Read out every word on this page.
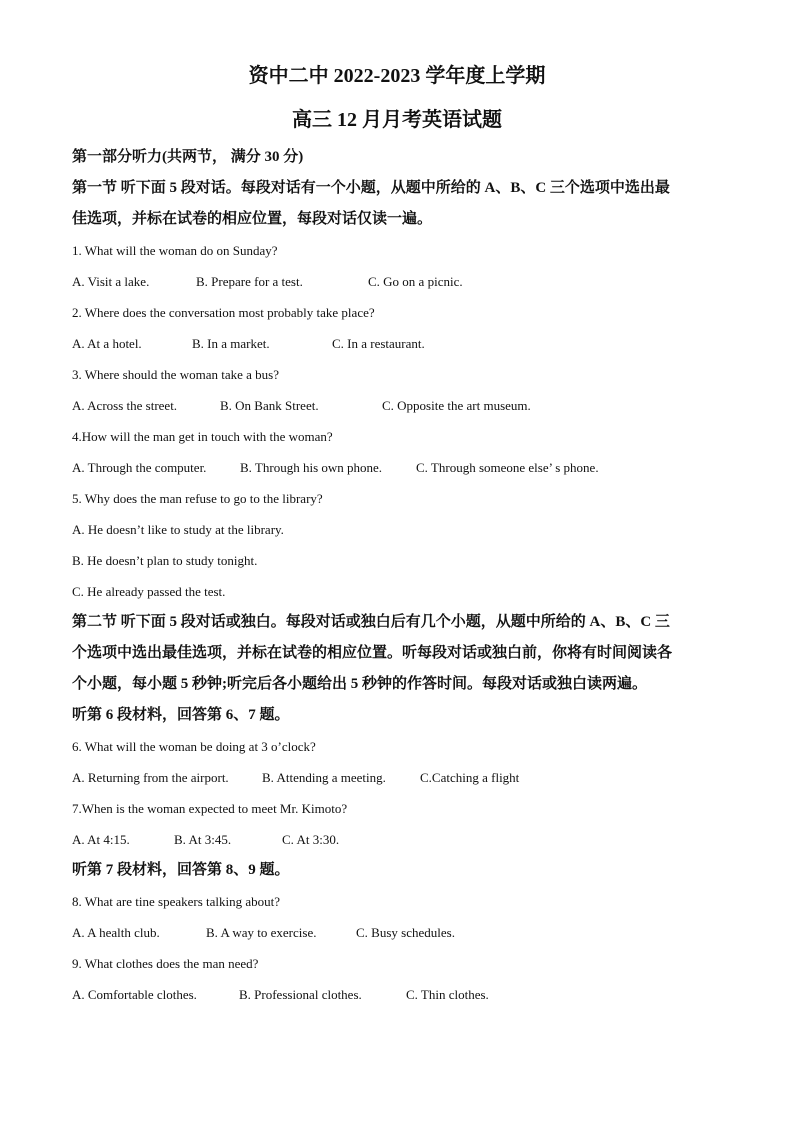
资中二中 2022-2023 学年度上学期

高三 12 月月考英语试题

第一部分听力(共两节， 满分 30 分)

第一节 听下面 5 段对话。每段对话有一个小题，从题中所给的 A、B、C 三个选项中选出最

佳选项，并标在试卷的相应位置，每段对话仅读一遍。

1. What will the woman do on Sunday?

A. Visit a lake.	B. Prepare for a test.	C. Go on a picnic.

2. Where does the conversation most probably take place?

A. At a hotel.	B. In a market.	C. In a restaurant.

3. Where should the woman take a bus?

A. Across the street.	B. On Bank Street.	C. Opposite the art museum.

4.How will the man get in touch with the woman?

A. Through the computer.	B. Through his own phone.	C. Through someone else’ s phone.

5. Why does the man refuse to go to the library?

A. He doesn’t like to study at the library.

B. He doesn’t plan to study tonight.

C. He already passed the test.

第二节 听下面 5 段对话或独白。每段对话或独白后有几个小题，从题中所给的 A、B、C 三

个选项中选出最佳选项，并标在试卷的相应位置。听每段对话或独白前，你将有时间阅读各

个小题，每小题 5 秒钟;听完后各小题给出 5 秒钟的作答时间。每段对话或独白读两遍。

听第 6 段材料，回答第 6、7 题。

6. What will the woman be doing at 3 o’clock?

A. Returning from the airport.	B. Attending a meeting.	C.Catching a flight

7.When is the woman expected to meet Mr. Kimoto?

A. At 4:15.	B. At 3:45.	C. At 3:30.

听第 7 段材料，回答第 8、9 题。

8. What are tine speakers talking about?

A. A health club.	B. A way to exercise.	C. Busy schedules.

9. What clothes does the man need?

A. Comfortable clothes.	B. Professional clothes.	C. Thin clothes.
